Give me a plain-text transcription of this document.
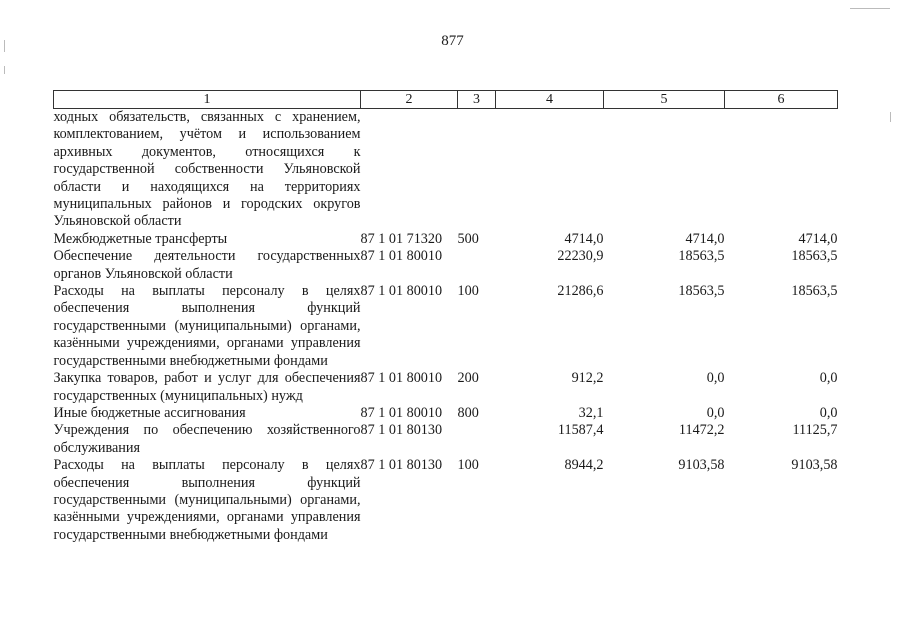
877
1	2	3	4	5	6
ходных обязательств, связанных с хранением, комплектованием, учётом и использованием архивных документов, относящихся к государственной собственности Ульяновской области и находящихся на территориях муниципальных районов и городских округов Ульяновской области					
Межбюджетные трансферты	87 1 01 71320	500	4714,0	4714,0	4714,0
Обеспечение деятельности государственных органов Ульяновской области	87 1 01 80010		22230,9	18563,5	18563,5
Расходы на выплаты персоналу в целях обеспечения выполнения функций государственными (муниципальными) органами, казёнными учреждениями, органами управления государственными внебюджетными фондами	87 1 01 80010	100	21286,6	18563,5	18563,5
Закупка товаров, работ и услуг для обеспечения государственных (муниципальных) нужд	87 1 01 80010	200	912,2	0,0	0,0
Иные бюджетные ассигнования	87 1 01 80010	800	32,1	0,0	0,0
Учреждения по обеспечению хозяйственного обслуживания	87 1 01 80130		11587,4	11472,2	11125,7
Расходы на выплаты персоналу в целях обеспечения выполнения функций государственными (муниципальными) органами, казёнными учреждениями, органами управления государственными внебюджетными фондами	87 1 01 80130	100	8944,2	9103,58	9103,58
